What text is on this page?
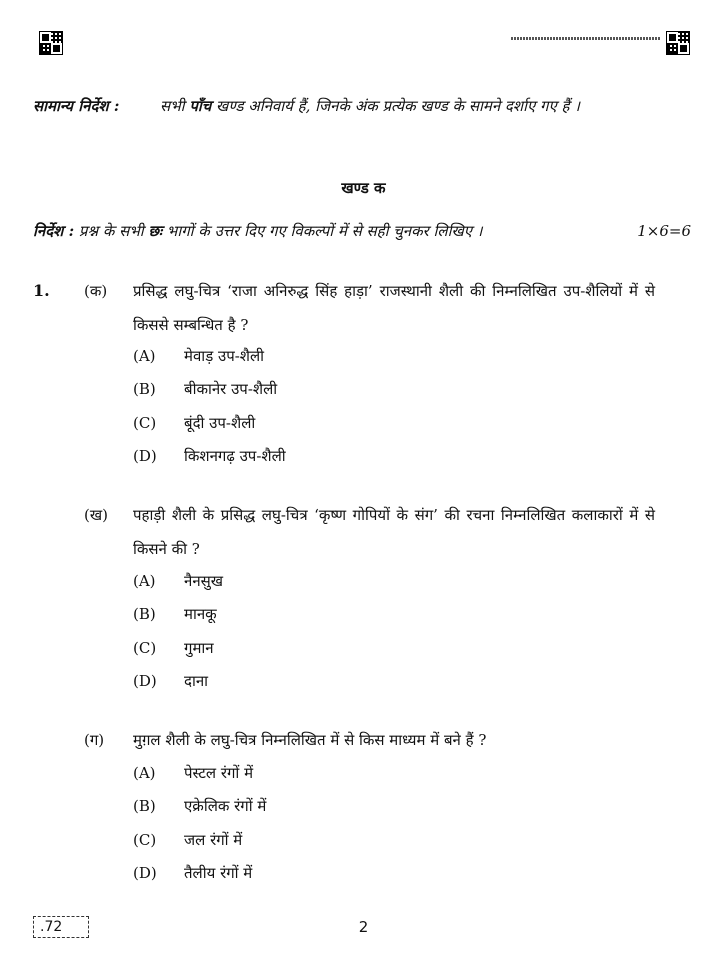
सामान्य निर्देश :	सभी पाँच खण्ड अनिवार्य हैं, जिनके अंक प्रत्येक खण्ड के सामने दर्शाए गए हैं ।
खण्ड क
निर्देश : प्रश्न के सभी छः भागों के उत्तर दिए गए विकल्पों में से सही चुनकर लिखिए ।	1×6=6
1. (क) प्रसिद्ध लघु-चित्र ‘राजा अनिरुद्ध सिंह हाड़ा’ राजस्थानी शैली की निम्नलिखित उप-शैलियों में से किससे सम्बन्धित है ?
(A) मेवाड़ उप-शैली
(B) बीकानेर उप-शैली
(C) बूंदी उप-शैली
(D) किशनगढ़ उप-शैली
(ख) पहाड़ी शैली के प्रसिद्ध लघु-चित्र ‘कृष्ण गोपियों के संग’ की रचना निम्नलिखित कलाकारों में से किसने की ?
(A) नैनसुख
(B) मानकू
(C) गुमान
(D) दाना
(ग) मुग़ल शैली के लघु-चित्र निम्नलिखित में से किस माध्यम में बने हैं ?
(A) पेस्टल रंगों में
(B) एक्रेलिक रंगों में
(C) जल रंगों में
(D) तैलीय रंगों में
.72	2
